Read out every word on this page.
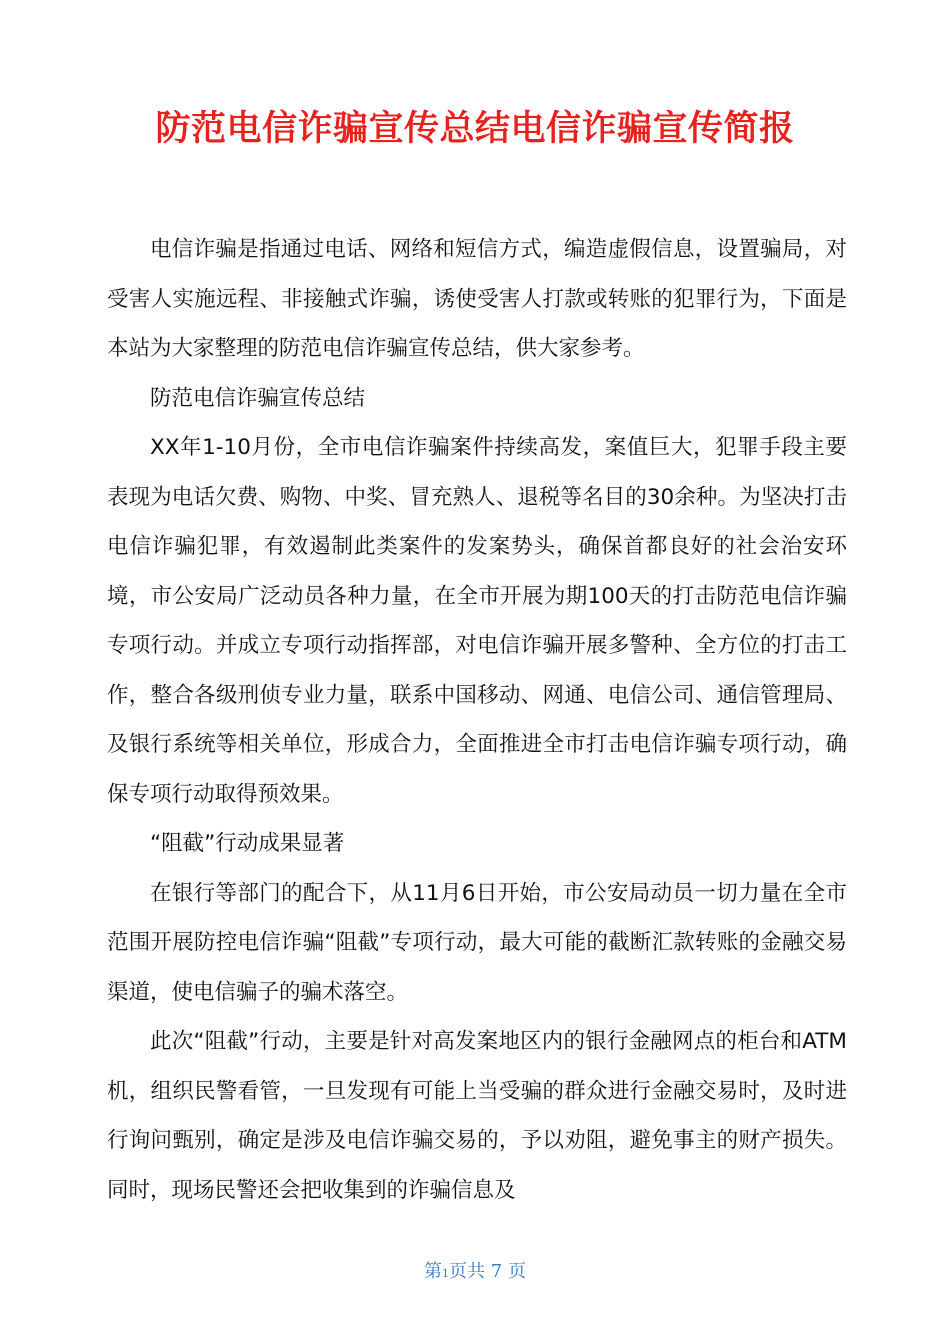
防范电信诈骗宣传总结电信诈骗宣传简报

电信诈骗是指通过电话、网络和短信方式，编造虚假信息，设置骗局，对受害人实施远程、非接触式诈骗，诱使受害人打款或转账的犯罪行为，下面是本站为大家整理的防范电信诈骗宣传总结，供大家参考。

防范电信诈骗宣传总结

XX年1-10月份，全市电信诈骗案件持续高发，案值巨大，犯罪手段主要表现为电话欠费、购物、中奖、冒充熟人、退税等名目的30余种。为坚决打击电信诈骗犯罪，有效遏制此类案件的发案势头，确保首都良好的社会治安环境，市公安局广泛动员各种力量，在全市开展为期100天的打击防范电信诈骗专项行动。并成立专项行动指挥部，对电信诈骗开展多警种、全方位的打击工作，整合各级刑侦专业力量，联系中国移动、网通、电信公司、通信管理局、及银行系统等相关单位，形成合力，全面推进全市打击电信诈骗专项行动，确保专项行动取得预效果。

“阻截”行动成果显著

在银行等部门的配合下，从11月6日开始，市公安局动员一切力量在全市范围开展防控电信诈骗“阻截”专项行动，最大可能的截断汇款转账的金融交易渠道，使电信骗子的骗术落空。

此次“阻截”行动，主要是针对高发案地区内的银行金融网点的柜台和ATM机，组织民警看管，一旦发现有可能上当受骗的群众进行金融交易时，及时进行询问甄别，确定是涉及电信诈骗交易的，予以劝阻，避免事主的财产损失。同时，现场民警还会把收集到的诈骗信息及

第1页共 7 页
